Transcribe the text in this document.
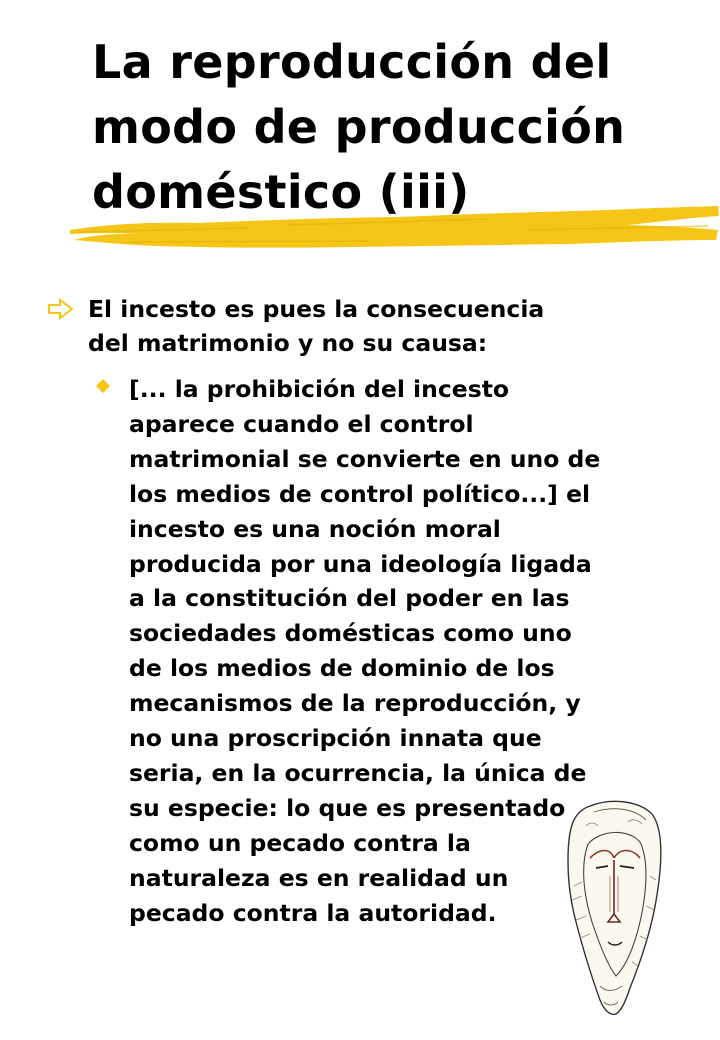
La reproducción del
modo de producción
doméstico (iii)

El incesto es pues la consecuencia
del matrimonio y no su causa:

[... la prohibición del incesto
aparece cuando el control
matrimonial se convierte en uno de
los medios de control político...] el
incesto es una noción moral
producida por una ideología ligada
a la constitución del poder en las
sociedades domésticas como uno
de los medios de dominio de los
mecanismos de la reproducción, y
no una proscripción innata que
seria, en la ocurrencia, la única de
su especie: lo que es presentado
como un pecado contra la
naturaleza es en realidad un
pecado contra la autoridad.
